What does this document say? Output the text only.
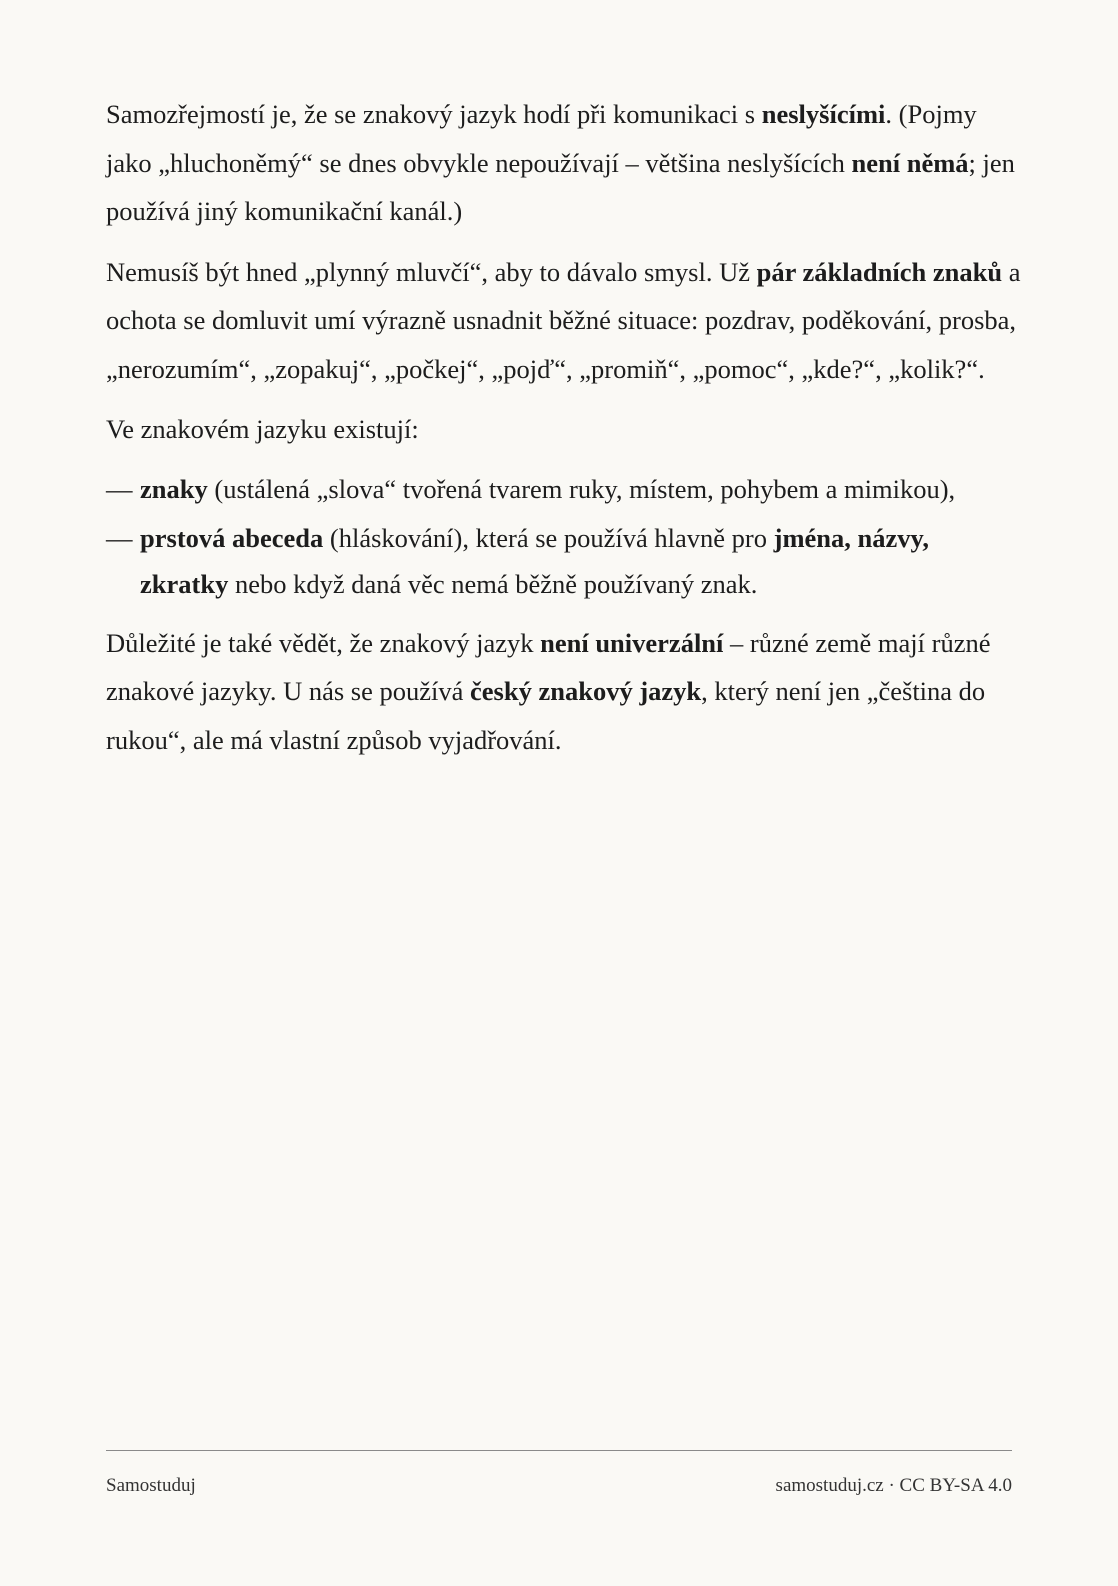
Samozřejmostí je, že se znakový jazyk hodí při komunikaci s neslyšícími. (Pojmy jako „hluchoněmý“ se dnes obvykle nepoužívají – většina neslyšících není němá; jen používá jiný komunikační kanál.)

Nemusíš být hned „plynný mluvčí“, aby to dávalo smysl. Už pár základních znaků a ochota se domluvit umí výrazně usnadnit běžné situace: pozdrav, poděkování, prosba, „nerozumím“, „zopakuj“, „počkej“, „pojď“, „promiň“, „pomoc“, „kde?“, „kolik?“.

Ve znakovém jazyku existují:

— znaky (ustálená „slova“ tvořená tvarem ruky, místem, pohybem a mimikou),
— prstová abeceda (hláskování), která se používá hlavně pro jména, názvy, zkratky nebo když daná věc nemá běžně používaný znak.

Důležité je také vědět, že znakový jazyk není univerzální – různé země mají různé znakové jazyky. U nás se používá český znakový jazyk, který není jen „čeština do rukou“, ale má vlastní způsob vyjadřování.

Samostuduj	samostuduj.cz · CC BY-SA 4.0
